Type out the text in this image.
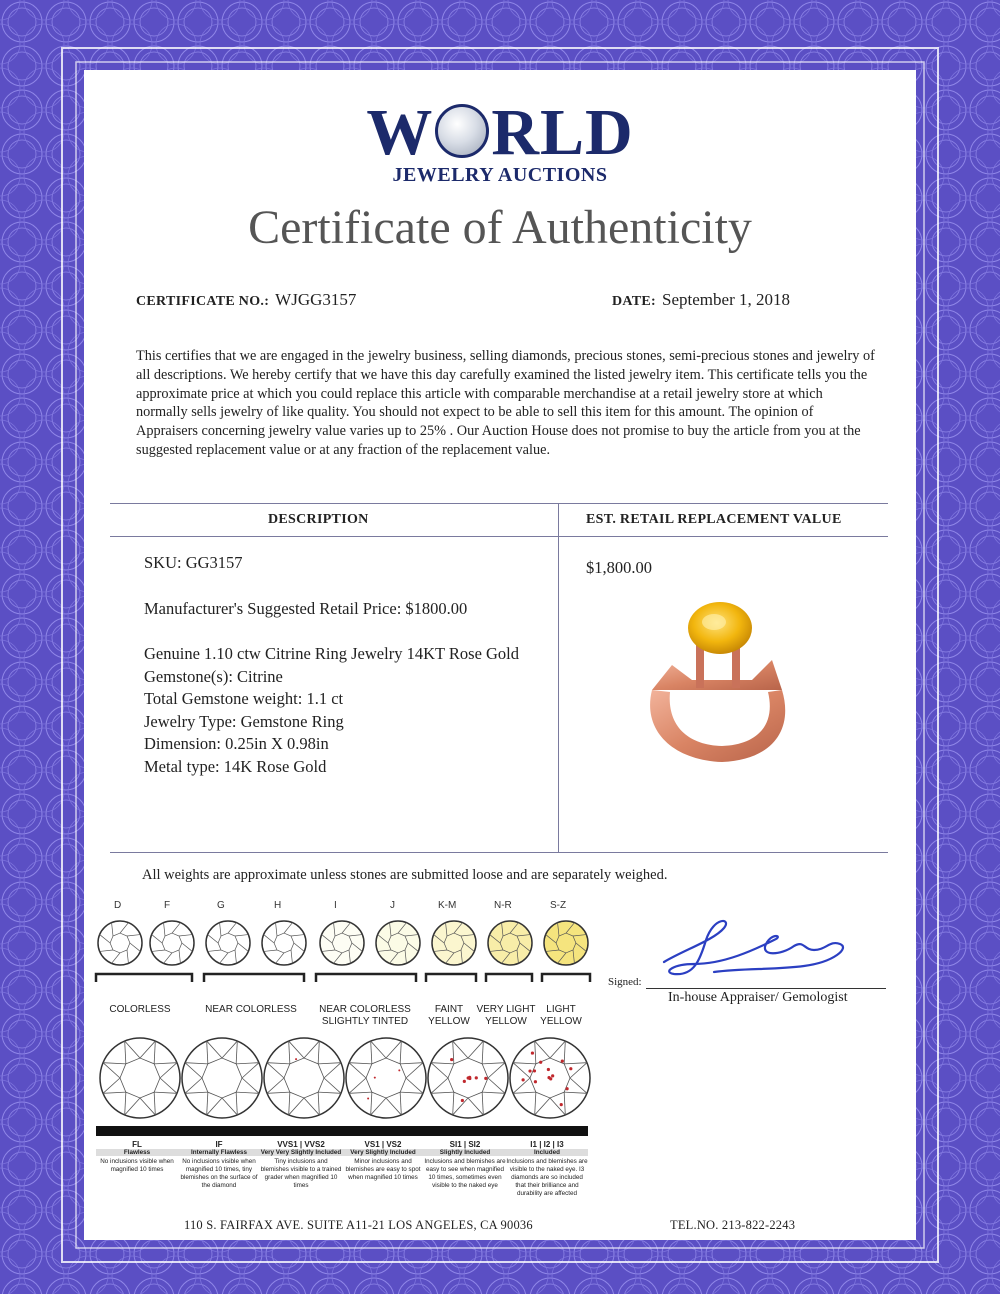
W RLD
JEWELRY AUCTIONS
Certificate of Authenticity
CERTIFICATE NO.: WJGG3157	DATE: September 1, 2018
This certifies that we are engaged in the jewelry business, selling diamonds, precious stones, semi-precious stones and jewelry of all descriptions. We hereby certify that we have this day carefully examined the listed jewelry item. This certificate tells you the approximate price at which you could replace this article with comparable merchandise at a retail jewelry store at which normally sells jewelry of like quality. You should not expect to be able to sell this item for this amount. The opinion of Appraisers concerning jewelry value varies up to 25% . Our Auction House does not promise to buy the article from you at the suggested replacement value or at any fraction of the replacement value.
DESCRIPTION	EST. RETAIL REPLACEMENT VALUE
SKU: GG3157
Manufacturer's Suggested Retail Price: $1800.00
Genuine 1.10 ctw Citrine Ring Jewelry 14KT Rose Gold
Gemstone(s): Citrine
Total Gemstone weight: 1.1 ct
Jewelry Type: Gemstone Ring
Dimension: 0.25in X 0.98in
Metal type: 14K Rose Gold
$1,800.00
All weights are approximate unless stones are submitted loose and are separately weighed.
D	F	G	H	I	J	K-M	N-R	S-Z
COLORLESS	NEAR COLORLESS	NEAR COLORLESS
SLIGHTLY TINTED
FAINT
YELLOW
VERY LIGHT
YELLOW
LIGHT
YELLOW
FL
Flawless
No inclusions visible when magnified 10 times
IF
Internally Flawless
No inclusions visible when magnified 10 times, tiny blemishes on the surface of the diamond
VVS1 | VVS2
Very Very Slightly Included
Tiny inclusions and blemishes visible to a trained grader when magnified 10 times
VS1 | VS2
Very Slightly Included
Minor inclusions and blemishes are easy to spot when magnified 10 times
SI1 | SI2
Slightly Included
Inclusions and blemishes are easy to see when magnified 10 times, sometimes even visible to the naked eye
I1 | I2 | I3
Included
Inclusions and blemishes are visible to the naked eye. I3 diamonds are so included that their brilliance and durability are affected
Signed:
In-house Appraiser/ Gemologist
110 S. FAIRFAX AVE. SUITE A11-21 LOS ANGELES, CA 90036	TEL.NO. 213-822-2243
